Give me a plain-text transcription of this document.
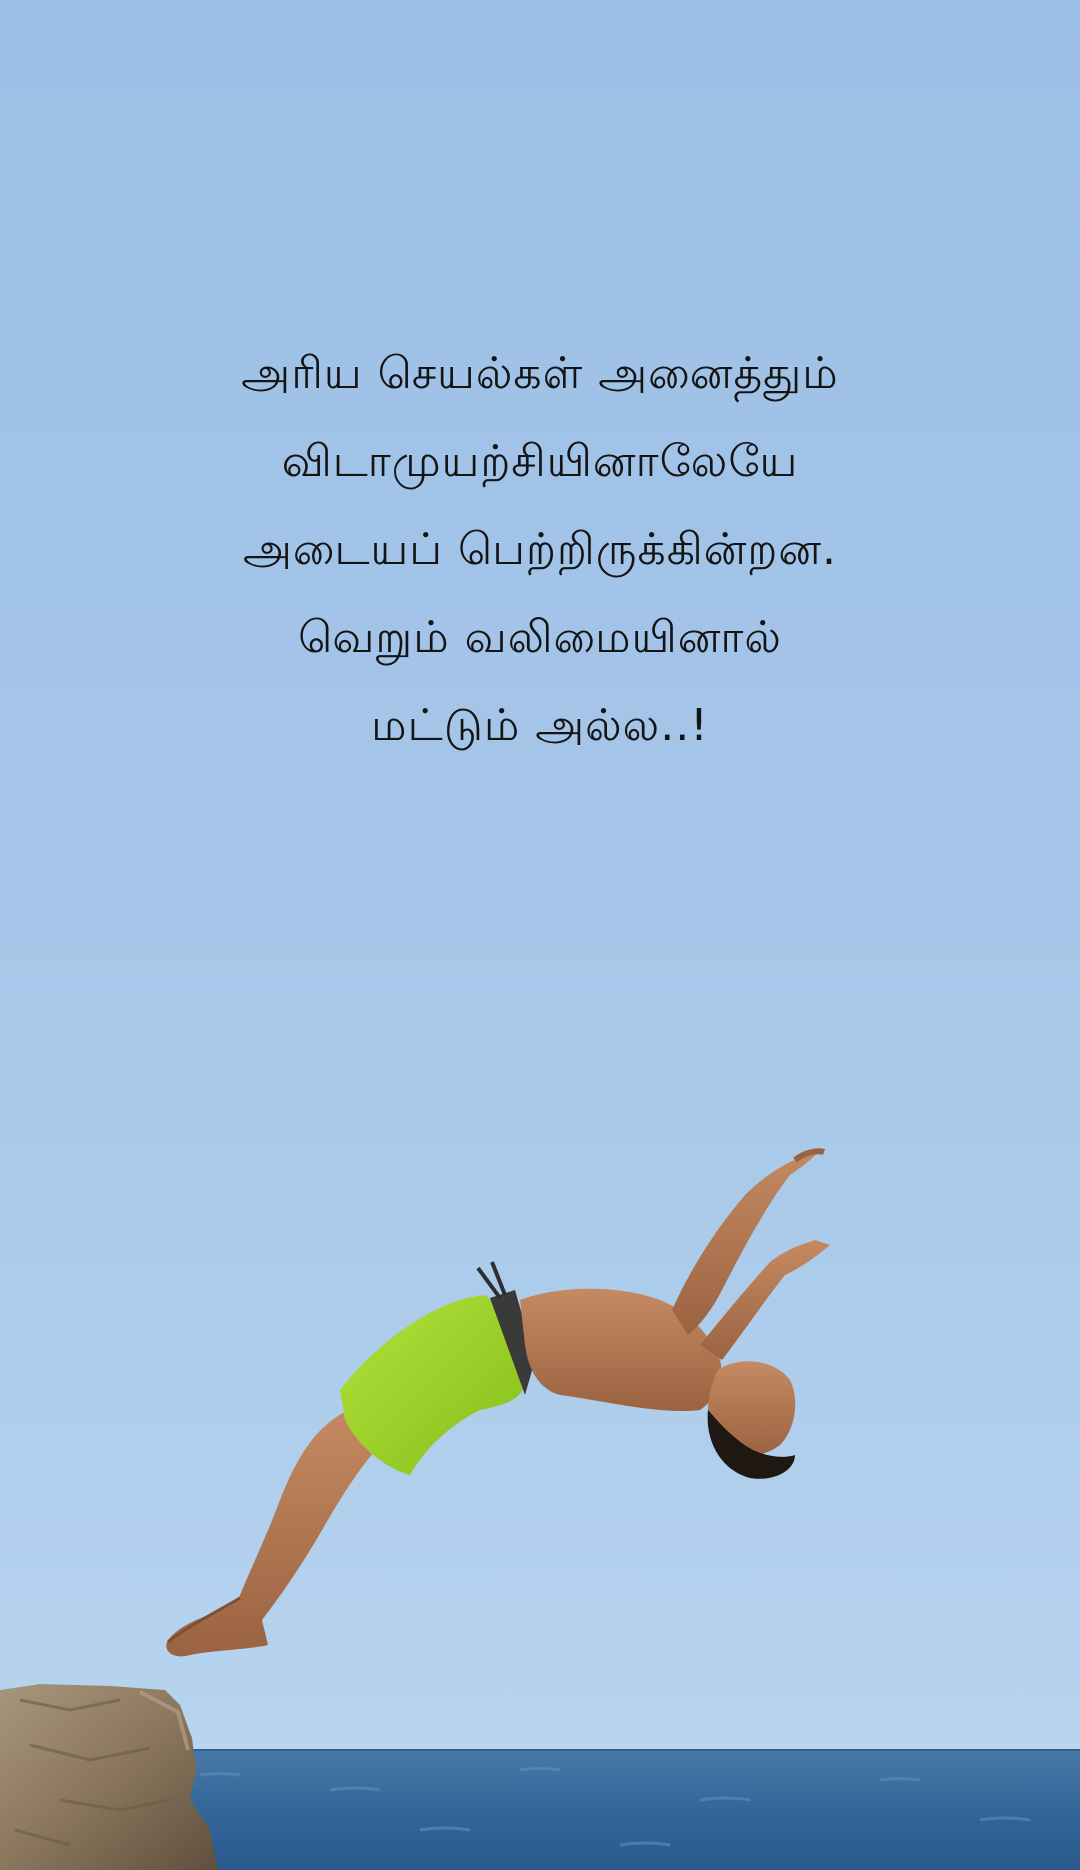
அரிய செயல்கள் அனைத்தும்
விடாமுயற்சியினாலேயே
அடையப் பெற்றிருக்கின்றன.
வெறும் வலிமையினால்
மட்டும் அல்ல..!
